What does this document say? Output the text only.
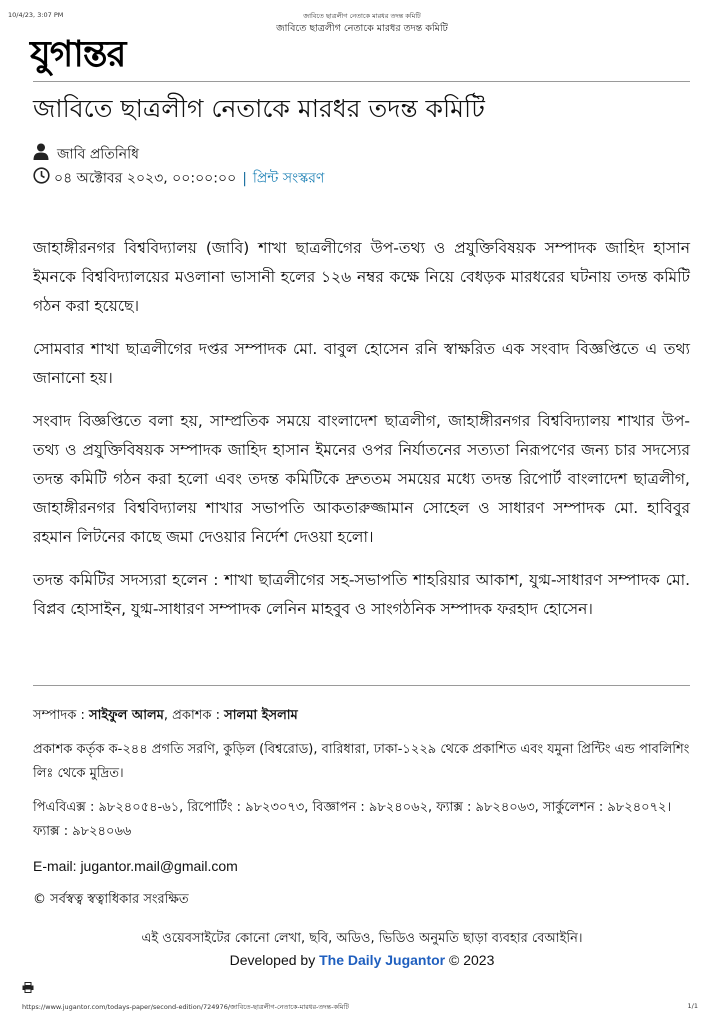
10/4/23, 3:07 PM	জাবিতে ছাত্রলীগ নেতাকে মারধর তদন্ত কমিটি
জাবিতে ছাত্রলীগ নেতাকে মারধর তদন্ত কমিটি
যুগান্তর
জাবিতে ছাত্রলীগ নেতাকে মারধর তদন্ত কমিটি
জাবি প্রতিনিধি
০৪ অক্টোবর ২০২৩, ০০:০০:০০ | প্রিন্ট সংস্করণ

জাহাঙ্গীরনগর বিশ্ববিদ্যালয় (জাবি) শাখা ছাত্রলীগের উপ-তথ্য ও প্রযুক্তিবিষয়ক সম্পাদক জাহিদ হাসান ইমনকে বিশ্ববিদ্যালয়ের মওলানা ভাসানী হলের ১২৬ নম্বর কক্ষে নিয়ে বেধড়ক মারধরের ঘটনায় তদন্ত কমিটি গঠন করা হয়েছে।

সোমবার শাখা ছাত্রলীগের দপ্তর সম্পাদক মো. বাবুল হোসেন রনি স্বাক্ষরিত এক সংবাদ বিজ্ঞপ্তিতে এ তথ্য জানানো হয়।

সংবাদ বিজ্ঞপ্তিতে বলা হয়, সাম্প্রতিক সময়ে বাংলাদেশ ছাত্রলীগ, জাহাঙ্গীরনগর বিশ্ববিদ্যালয় শাখার উপ-তথ্য ও প্রযুক্তিবিষয়ক সম্পাদক জাহিদ হাসান ইমনের ওপর নির্যাতনের সত্যতা নিরূপণের জন্য চার সদস্যের তদন্ত কমিটি গঠন করা হলো এবং তদন্ত কমিটিকে দ্রুততম সময়ের মধ্যে তদন্ত রিপোর্ট বাংলাদেশ ছাত্রলীগ, জাহাঙ্গীরনগর বিশ্ববিদ্যালয় শাখার সভাপতি আকতারুজ্জামান সোহেল ও সাধারণ সম্পাদক মো. হাবিবুর রহমান লিটনের কাছে জমা দেওয়ার নির্দেশ দেওয়া হলো।

তদন্ত কমিটির সদস্যরা হলেন : শাখা ছাত্রলীগের সহ-সভাপতি শাহরিয়ার আকাশ, যুগ্ম-সাধারণ সম্পাদক মো. বিপ্লব হোসাইন, যুগ্ম-সাধারণ সম্পাদক লেনিন মাহবুব ও সাংগঠনিক সম্পাদক ফরহাদ হোসেন।

সম্পাদক : সাইফুল আলম, প্রকাশক : সালমা ইসলাম

প্রকাশক কর্তৃক ক-২৪৪ প্রগতি সরণি, কুড়িল (বিশ্বরোড), বারিধারা, ঢাকা-১২২৯ থেকে প্রকাশিত এবং যমুনা প্রিন্টিং এন্ড পাবলিশিং লিঃ থেকে মুদ্রিত।

পিএবিএক্স : ৯৮২৪০৫৪-৬১, রিপোর্টিং : ৯৮২৩০৭৩, বিজ্ঞাপন : ৯৮২৪০৬২, ফ্যাক্স : ৯৮২৪০৬৩, সার্কুলেশন : ৯৮২৪০৭২। ফ্যাক্স : ৯৮২৪০৬৬

E-mail: jugantor.mail@gmail.com

© সর্বস্বত্ব স্বত্বাধিকার সংরক্ষিত

এই ওয়েবসাইটের কোনো লেখা, ছবি, অডিও, ভিডিও অনুমতি ছাড়া ব্যবহার বেআইনি।
Developed by The Daily Jugantor © 2023
https://www.jugantor.com/todays-paper/second-edition/724976/জাবিতে-ছাত্রলীগ-নেতাকে-মারধর-তদন্ত-কমিটি	1/1
